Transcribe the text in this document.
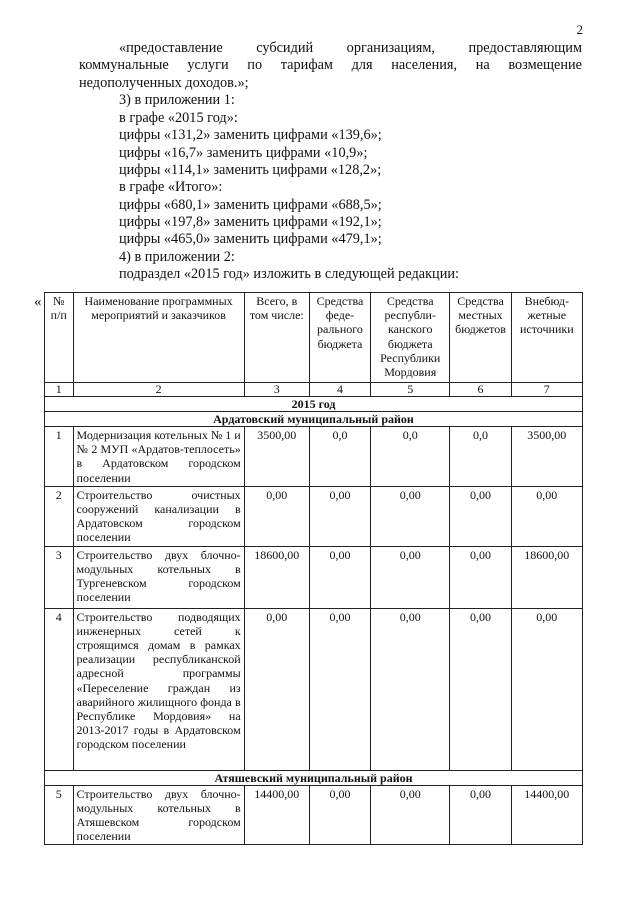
2
«предоставление субсидий организациям, предоставляющим коммунальные услуги по тарифам для населения, на возмещение недополученных доходов.»;
3) в приложении 1:
в графе «2015 год»:
цифры «131,2» заменить цифрами «139,6»;
цифры «16,7» заменить цифрами «10,9»;
цифры «114,1» заменить цифрами «128,2»;
в графе «Итого»:
цифры «680,1» заменить цифрами «688,5»;
цифры «197,8» заменить цифрами «192,1»;
цифры «465,0» заменить цифрами «479,1»;
4) в приложении 2:
подраздел «2015 год» изложить в следующей редакции:
« № п/п	Наименование программных мероприятий и заказчиков	Всего, в том числе:	Средства феде-рального бюджета	Средства республи-канского бюджета Республики Мордовия	Средства местных бюджетов	Внебюд-жетные источники
1	2	3	4	5	6	7
2015 год						
Ардатовский муниципальный район						
1	Модернизация котельных № 1 и № 2 МУП «Ардатов-теплосеть» в Ардатовском городском поселении	3500,00	0,0	0,0	0,0	3500,00
2	Строительство очистных сооружений канализации в Ардатовском городском поселении	0,00	0,00	0,00	0,00	0,00
3	Строительство двух блочно-модульных котельных в Тургеневском городском поселении	18600,00	0,00	0,00	0,00	18600,00
4	Строительство подводящих инженерных сетей к строящимся домам в рамках реализации республиканской адресной программы «Переселение граждан из аварийного жилищного фонда в Республике Мордовия» на 2013-2017 годы в Ардатовском городском поселении	0,00	0,00	0,00	0,00	0,00
Атяшевский муниципальный район						
5	Строительство двух блочно-модульных котельных в Атяшевском городском поселении	14400,00	0,00	0,00	0,00	14400,00
